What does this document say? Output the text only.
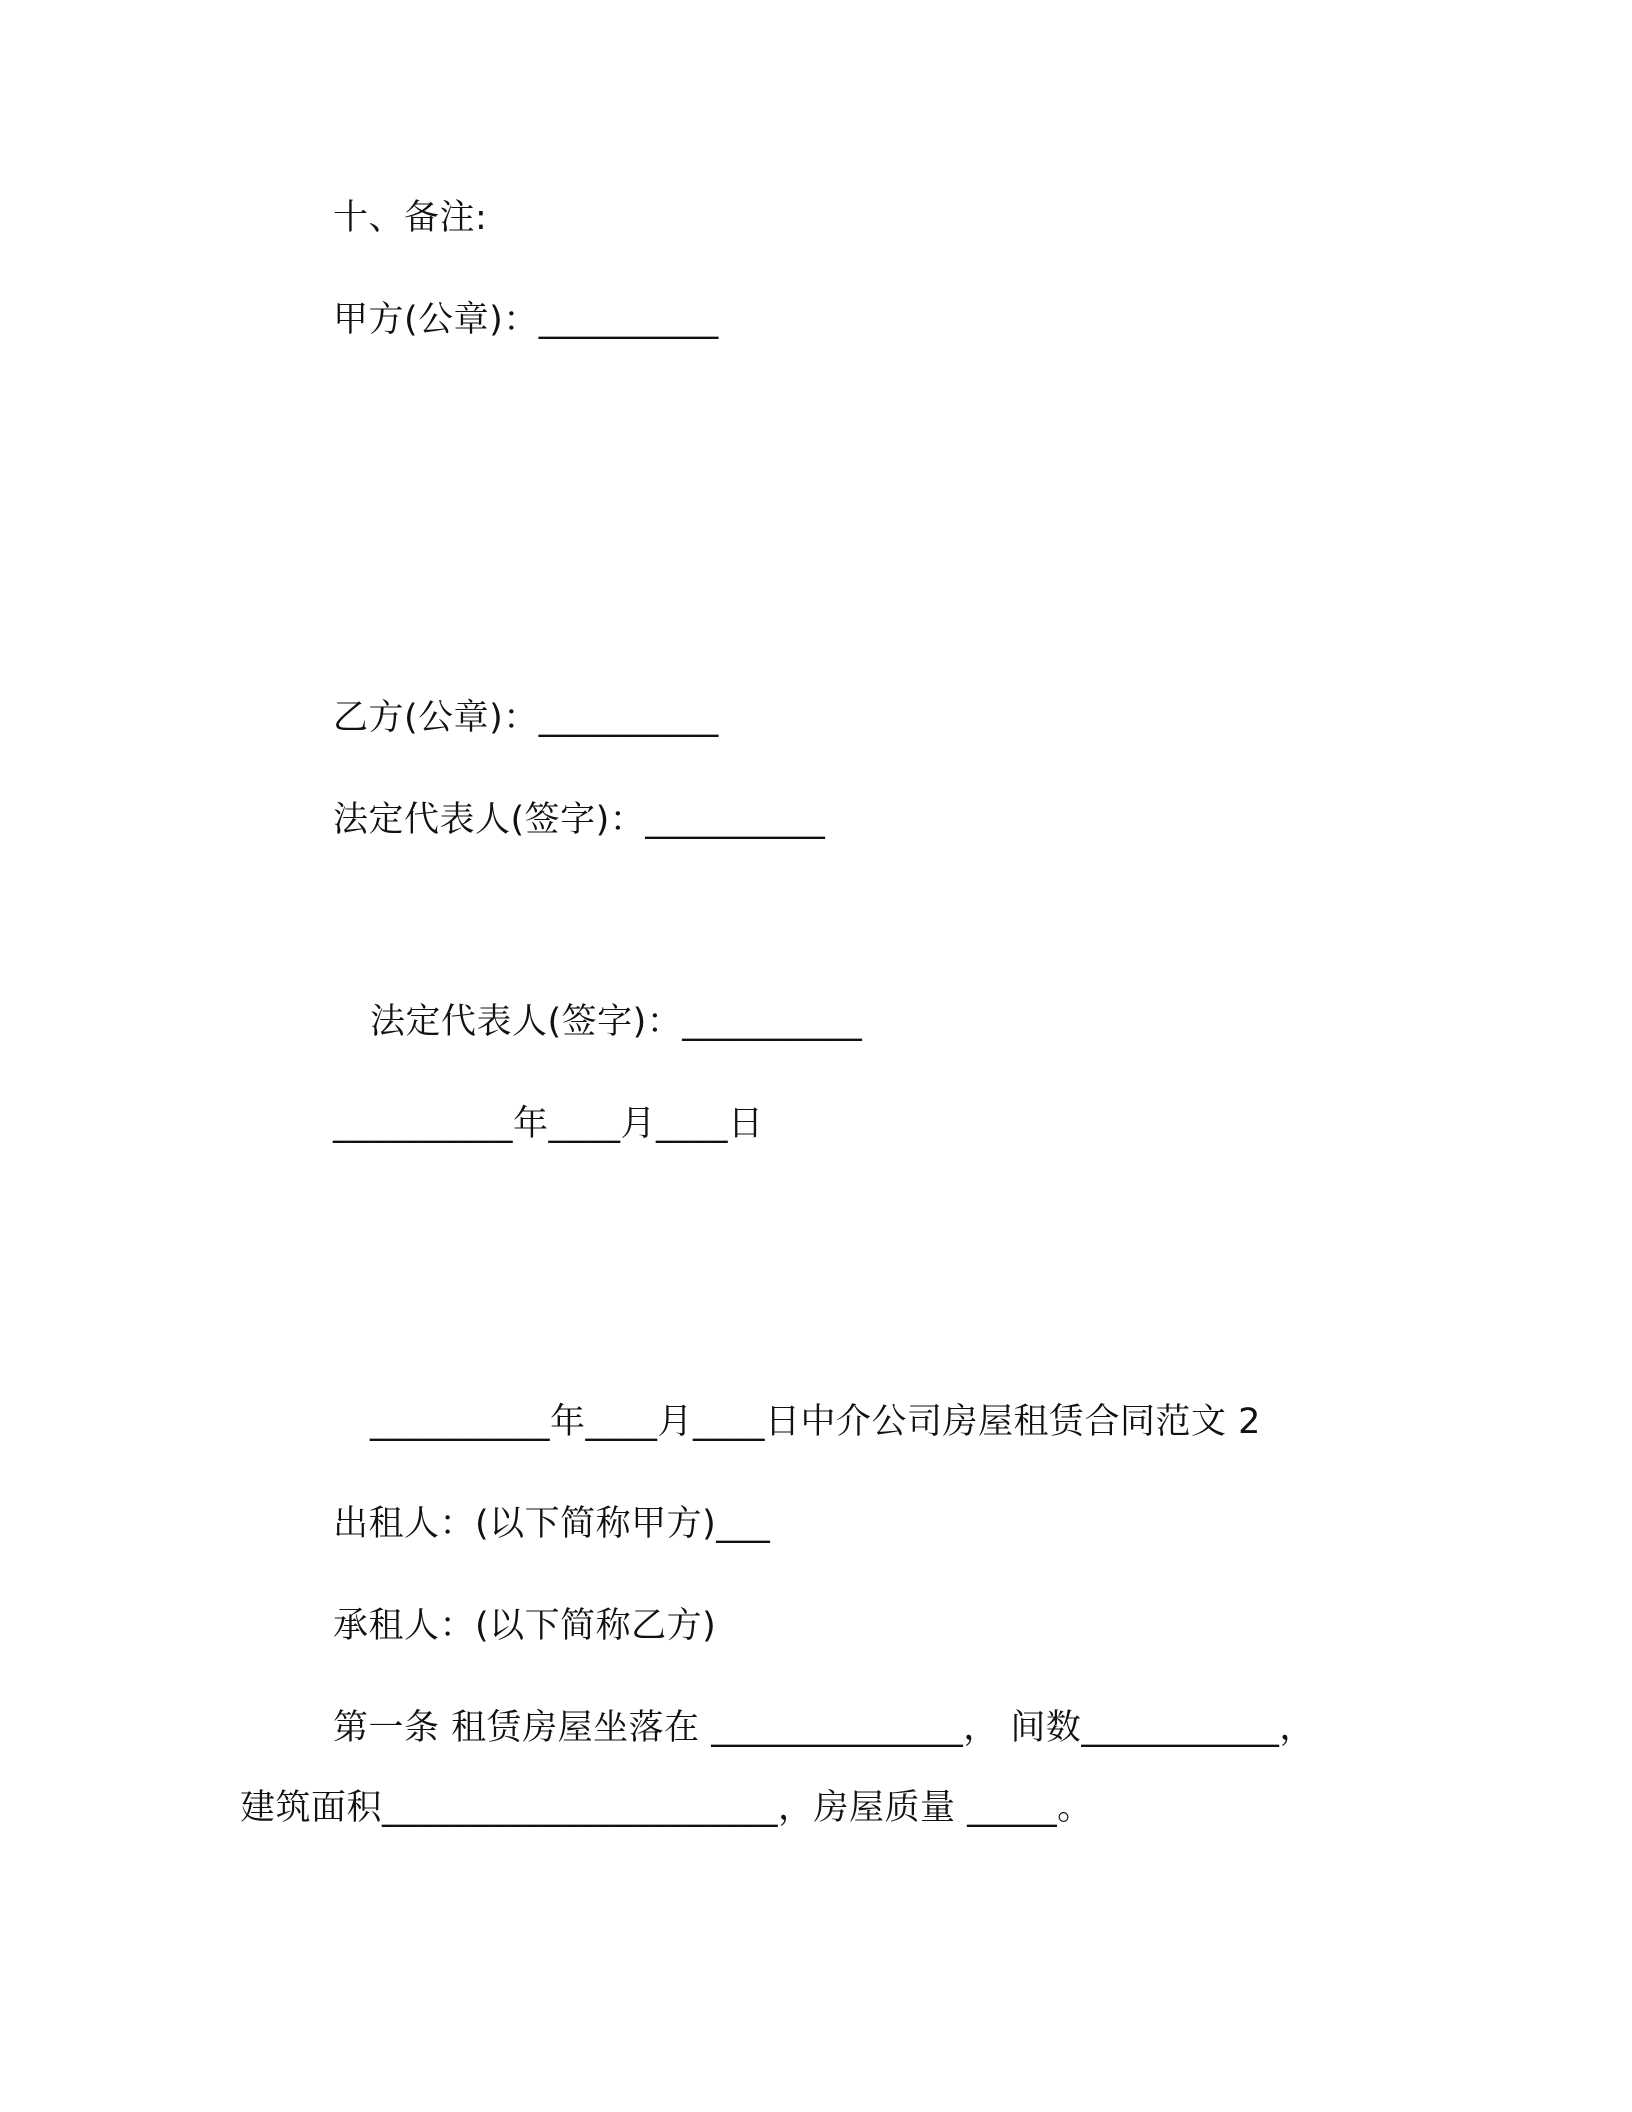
十、备注:
甲方(公章)：__________
乙方(公章)：__________
法定代表人(签字)：__________
法定代表人(签字)：__________
__________年____月____日
__________年____月____日中介公司房屋租赁合同范文 2
出租人：(以下简称甲方)___
承租人：(以下简称乙方)
第一条 租赁房屋坐落在 ______________， 间数___________，
建筑面积______________________，房屋质量 _____。
